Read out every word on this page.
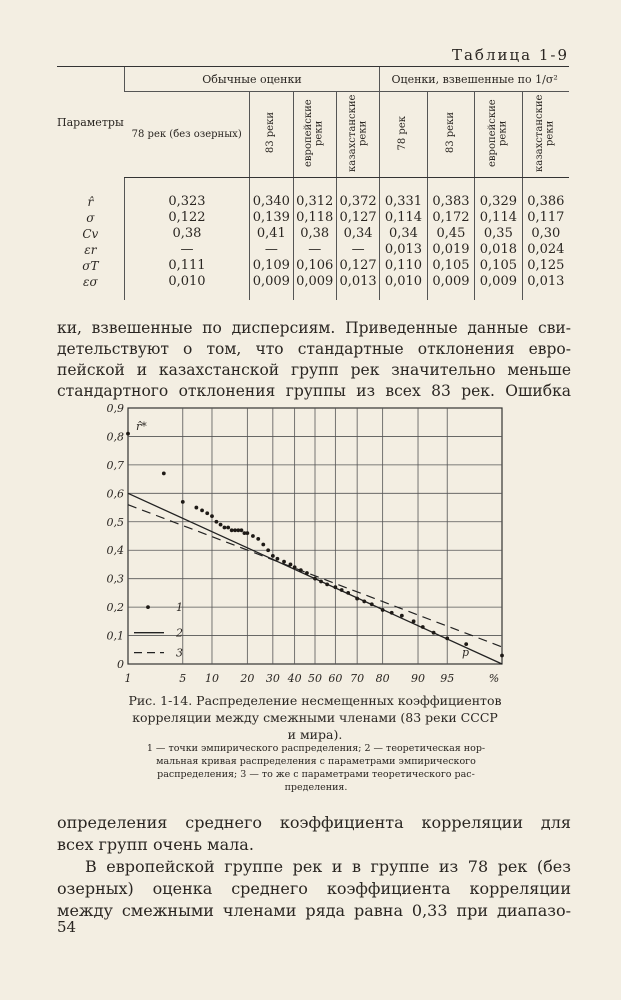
Таблица 1-9
Параметры	Обычные оценки				Оценки, взвешенные по 1/σ²			
	78 рек (без озерных)	83 реки	европейские реки	казахстанские реки	78 рек	83 реки	европейские реки	казахстанские реки
r̂	0,323	0,340	0,312	0,372	0,331	0,383	0,329	0,386
σ	0,122	0,139	0,118	0,127	0,114	0,172	0,114	0,117
Cv	0,38	0,41	0,38	0,34	0,34	0,45	0,35	0,30
εr	—	—	—	—	0,013	0,019	0,018	0,024
σT	0,111	0,109	0,106	0,127	0,110	0,105	0,105	0,125
εσ	0,010	0,009	0,009	0,013	0,010	0,009	0,009	0,013
ки, взвешенные по дисперсиям. Приведенные данные сви-
детельствуют о том, что стандартные отклонения евро-
пейской и казахстанской групп рек значительно меньше
стандартного отклонения группы из всех 83 рек. Ошибка
1	5 10 20 30 40 50 60 70 80 90 95	%
0
0,1
0,2
0,3
0,4
0,5
0,6
0,7
0,8
0,9
r̂*
p
1
2
3
Рис. 1-14. Распределение несмещенных коэффициентов
корреляции между смежными членами (83 реки СССР
и мира).
1 — точки эмпирического распределения; 2 — теоретическая нор-
мальная кривая распределения с параметрами эмпирического
распределения; 3 — то же с параметрами теоретического рас-
пределения.
определения среднего коэффициента корреляции для
всех групп очень мала.
В европейской группе рек и в группе из 78 рек (без
озерных) оценка среднего коэффициента корреляции
между смежными членами ряда равна 0,33 при диапазо-
54
